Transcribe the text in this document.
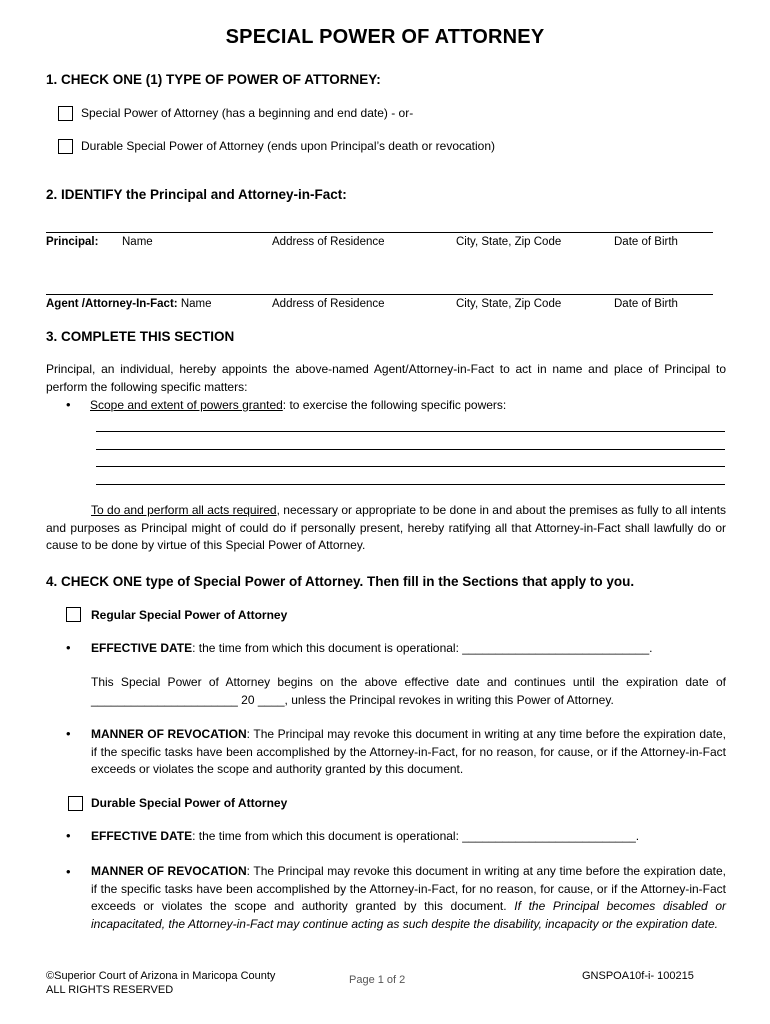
SPECIAL POWER OF ATTORNEY
1. CHECK ONE (1) TYPE OF POWER OF ATTORNEY:
Special Power of Attorney (has a beginning and end date) - or-
Durable Special Power of Attorney (ends upon Principal’s death or revocation)
2. IDENTIFY the Principal and Attorney-in-Fact:
Principal: Name	Address of Residence	City, State, Zip Code	Date of Birth
Agent /Attorney-In-Fact: Name	Address of Residence	City, State, Zip Code	Date of Birth
3. COMPLETE THIS SECTION
Principal, an individual, hereby appoints the above-named Agent/Attorney-in-Fact to act in name and place of Principal to perform the following specific matters:
• Scope and extent of powers granted: to exercise the following specific powers:
To do and perform all acts required, necessary or appropriate to be done in and about the premises as fully to all intents and purposes as Principal might of could do if personally present, hereby ratifying all that Attorney-in-Fact shall lawfully do or cause to be done by virtue of this Special Power of Attorney.
4. CHECK ONE type of Special Power of Attorney. Then fill in the Sections that apply to you.
Regular Special Power of Attorney
• EFFECTIVE DATE: the time from which this document is operational: ____________________________.
This Special Power of Attorney begins on the above effective date and continues until the expiration date of ______________________ 20 ____, unless the Principal revokes in writing this Power of Attorney.
• MANNER OF REVOCATION: The Principal may revoke this document in writing at any time before the expiration date, if the specific tasks have been accomplished by the Attorney-in-Fact, for no reason, for cause, or if the Attorney-in-Fact exceeds or violates the scope and authority granted by this document.
Durable Special Power of Attorney
• EFFECTIVE DATE: the time from which this document is operational: __________________________.
• MANNER OF REVOCATION: The Principal may revoke this document in writing at any time before the expiration date, if the specific tasks have been accomplished by the Attorney-in-Fact, for no reason, for cause, or if the Attorney-in-Fact exceeds or violates the scope and authority granted by this document. If the Principal becomes disabled or incapacitated, the Attorney-in-Fact may continue acting as such despite the disability, incapacity or the expiration date.
©Superior Court of Arizona in Maricopa County
ALL RIGHTS RESERVED
Page 1 of 2	GNSPOA10f-i- 100215
